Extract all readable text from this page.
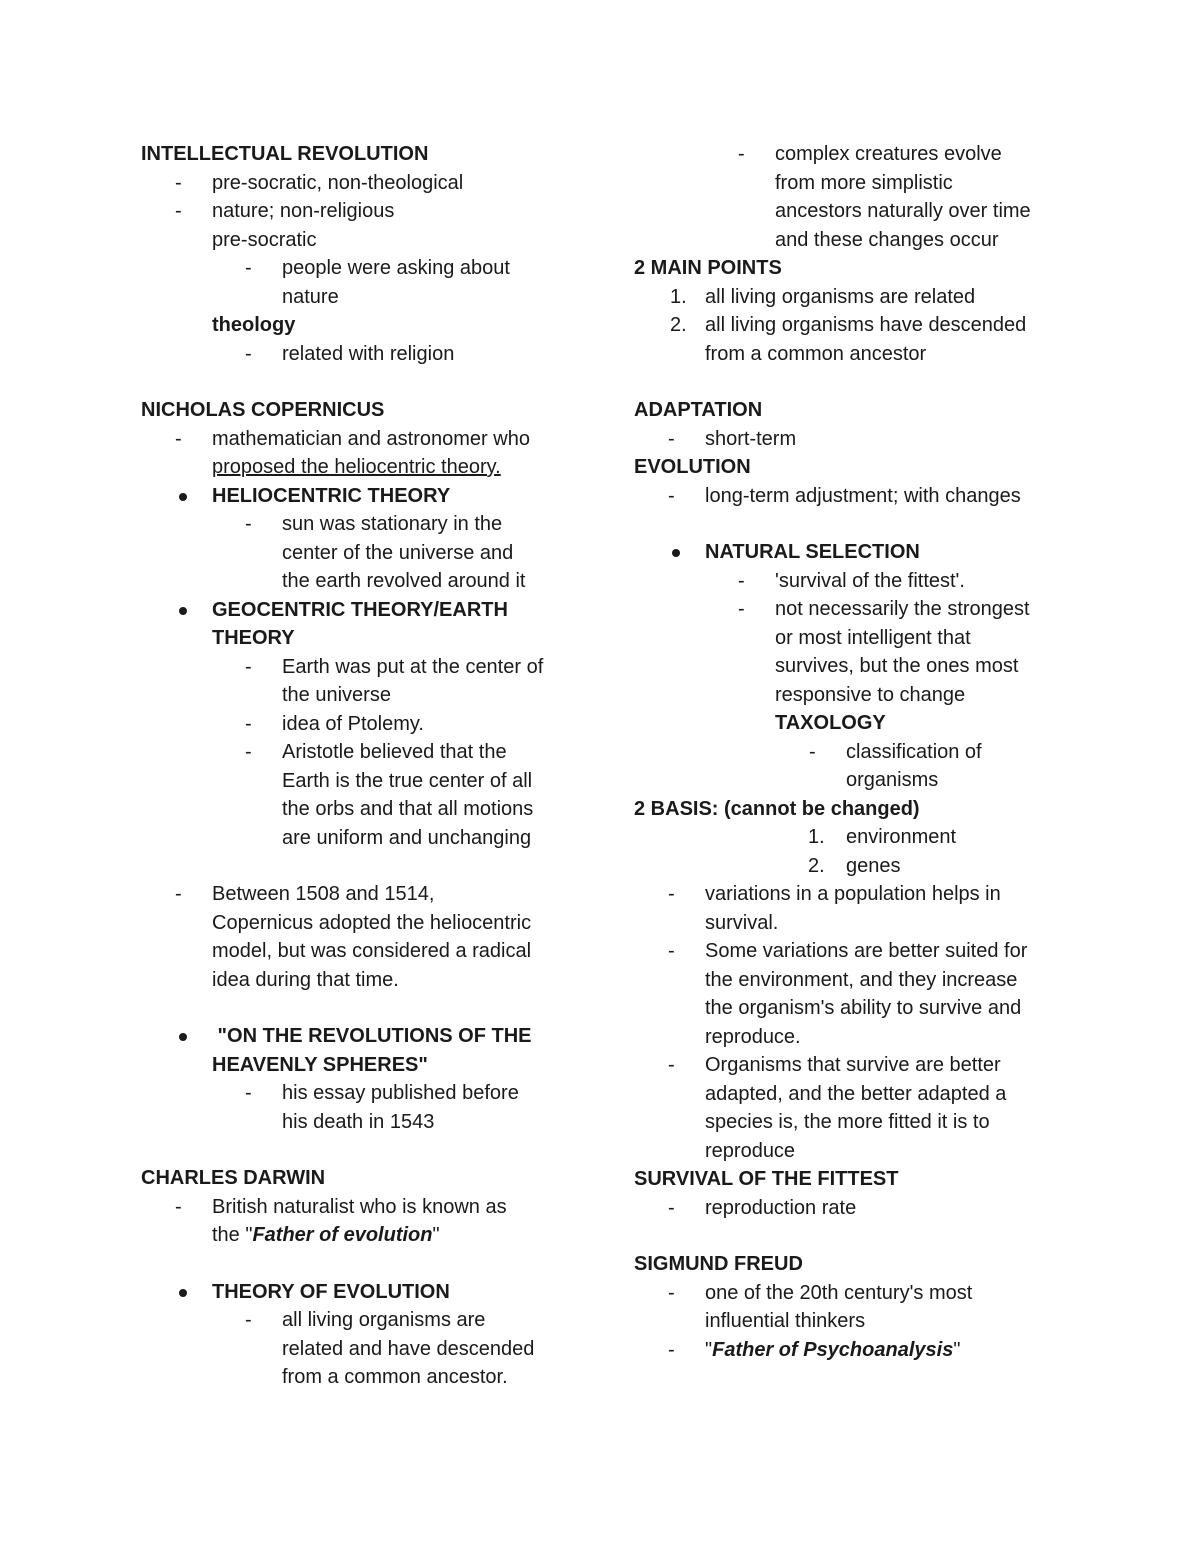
INTELLECTUAL REVOLUTION
-	pre-socratic, non-theological
-	nature; non-religious
pre-socratic
-	people were asking about
nature
theology
-	related with religion
NICHOLAS COPERNICUS
-	mathematician and astronomer who
proposed the heliocentric theory.
HELIOCENTRIC THEORY
-	sun was stationary in the
center of the universe and
the earth revolved around it
GEOCENTRIC THEORY/EARTH
THEORY
-	Earth was put at the center of
the universe
-	idea of Ptolemy.
-	Aristotle believed that the
Earth is the true center of all
the orbs and that all motions
are uniform and unchanging
-	Between 1508 and 1514,
Copernicus adopted the heliocentric
model, but was considered a radical
idea during that time.
"ON THE REVOLUTIONS OF THE
HEAVENLY SPHERES"
-	his essay published before
his death in 1543
CHARLES DARWIN
-	British naturalist who is known as
the "Father of evolution"
THEORY OF EVOLUTION
-	all living organisms are
related and have descended
from a common ancestor.
-	complex creatures evolve
from more simplistic
ancestors naturally over time
and these changes occur
2 MAIN POINTS
1. all living organisms are related
2. all living organisms have descended
from a common ancestor
ADAPTATION
-	short-term
EVOLUTION
-	long-term adjustment; with changes
NATURAL SELECTION
-	'survival of the fittest'.
-	not necessarily the strongest
or most intelligent that
survives, but the ones most
responsive to change
TAXOLOGY
-	classification of
organisms
2 BASIS: (cannot be changed)
1. environment
2. genes
-	variations in a population helps in
survival.
-	Some variations are better suited for
the environment, and they increase
the organism's ability to survive and
reproduce.
-	Organisms that survive are better
adapted, and the better adapted a
species is, the more fitted it is to
reproduce
SURVIVAL OF THE FITTEST
-	reproduction rate
SIGMUND FREUD
-	one of the 20th century's most
influential thinkers
-	"Father of Psychoanalysis"
